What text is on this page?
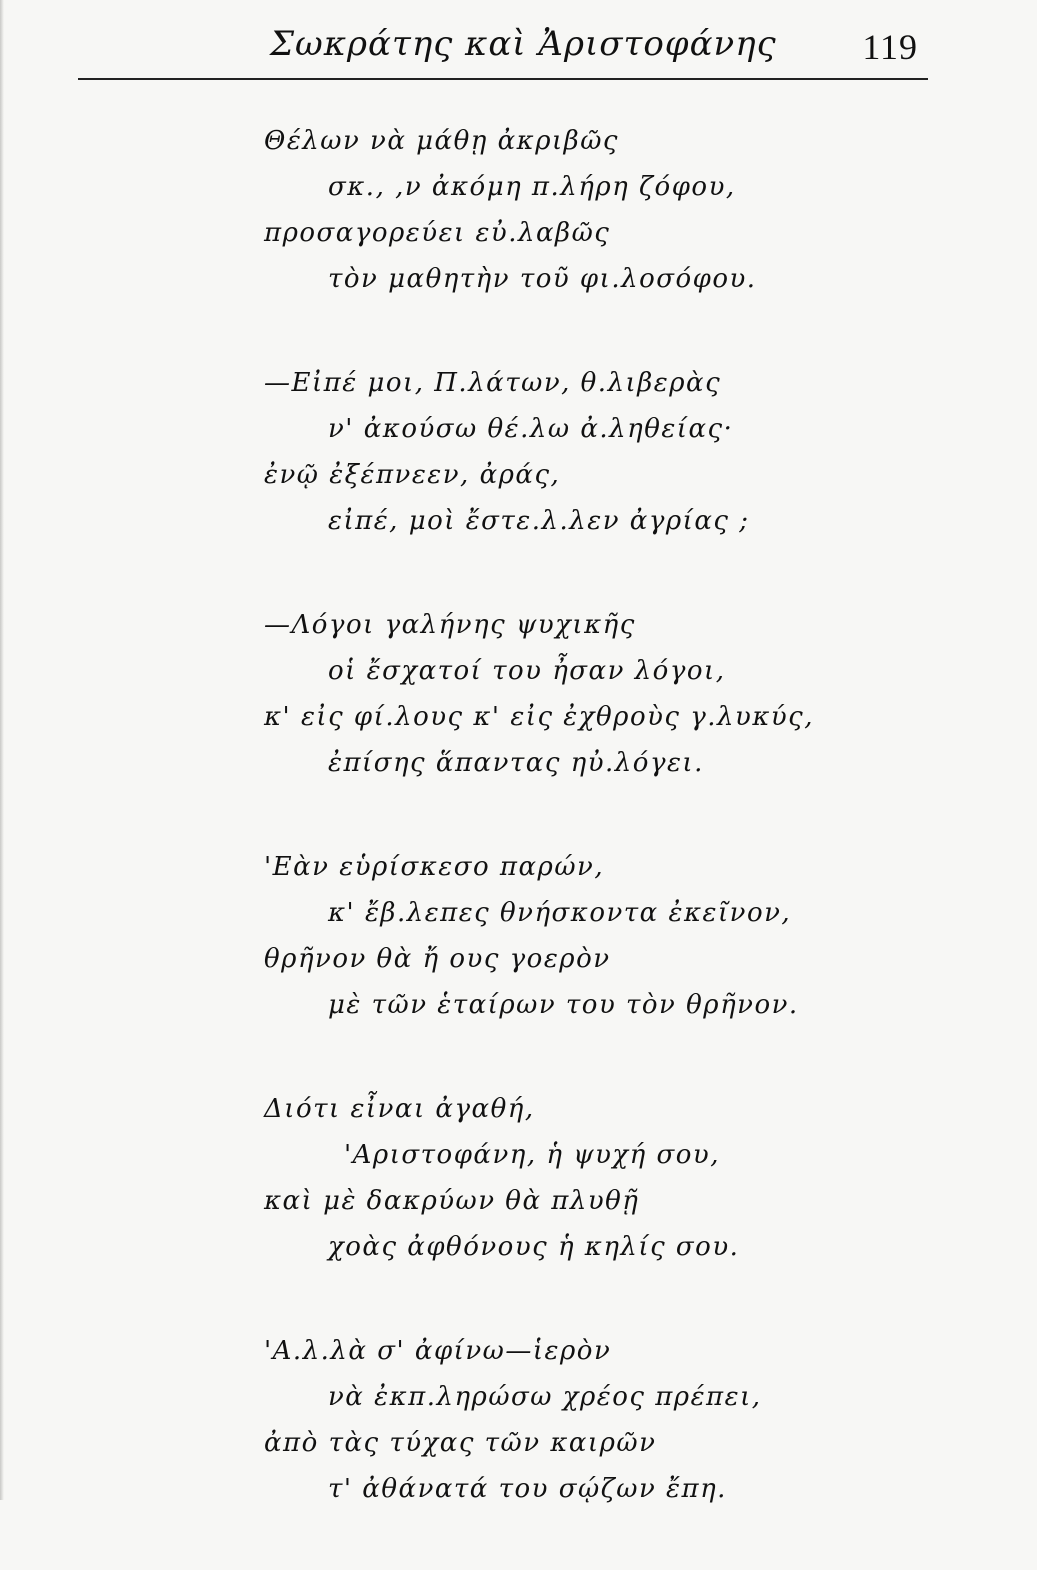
Σωκράτης καὶ Ἀριστοφάνης 119
Θέλων νὰ μάθῃ ἀκριβῶς
σκ., ,ν ἀκόμη π.λήρη ζόφου,
προσαγορεύει εὐ.λαβῶς
τὸν μαθητὴν τοῦ φι.λοσόφου.
—Εἰπέ μοι, Π.λάτων, θ.λιβερὰς
ν' ἀκούσω θέ.λω ἀ.ληθείας·
ἐνῷ ἐξέπνεεν, ἀράς,
εἰπέ, μοὶ ἔστε.λ.λεν ἀγρίας ;
—Λόγοι γαλήνης ψυχικῆς
οἱ ἔσχατοί του ἦσαν λόγοι,
κ' εἰς φί.λους κ' εἰς ἐχθροὺς γ.λυκύς,
ἐπίσης ἅπαντας ηὐ.λόγει.
'Εὰν εὑρίσκεσο παρών,
κ' ἔβ.λεπες θνήσκοντα ἐκεῖνον,
θρῆνον θὰ ἤ ους γοερὸν
μὲ τῶν ἑταίρων του τὸν θρῆνον.
Διότι εἶναι ἀγαθή,
'Αριστοφάνη, ἡ ψυχή σου,
καὶ μὲ δακρύων θὰ πλυθῇ
χοὰς ἀφθόνους ἡ κηλίς σου.
'Α.λ.λὰ σ' ἀφίνω—ἱερὸν
νὰ ἐκπ.ληρώσω χρέος πρέπει,
ἀπὸ τὰς τύχας τῶν καιρῶν
τ' ἀθάνατά του σῴζων ἔπη.
